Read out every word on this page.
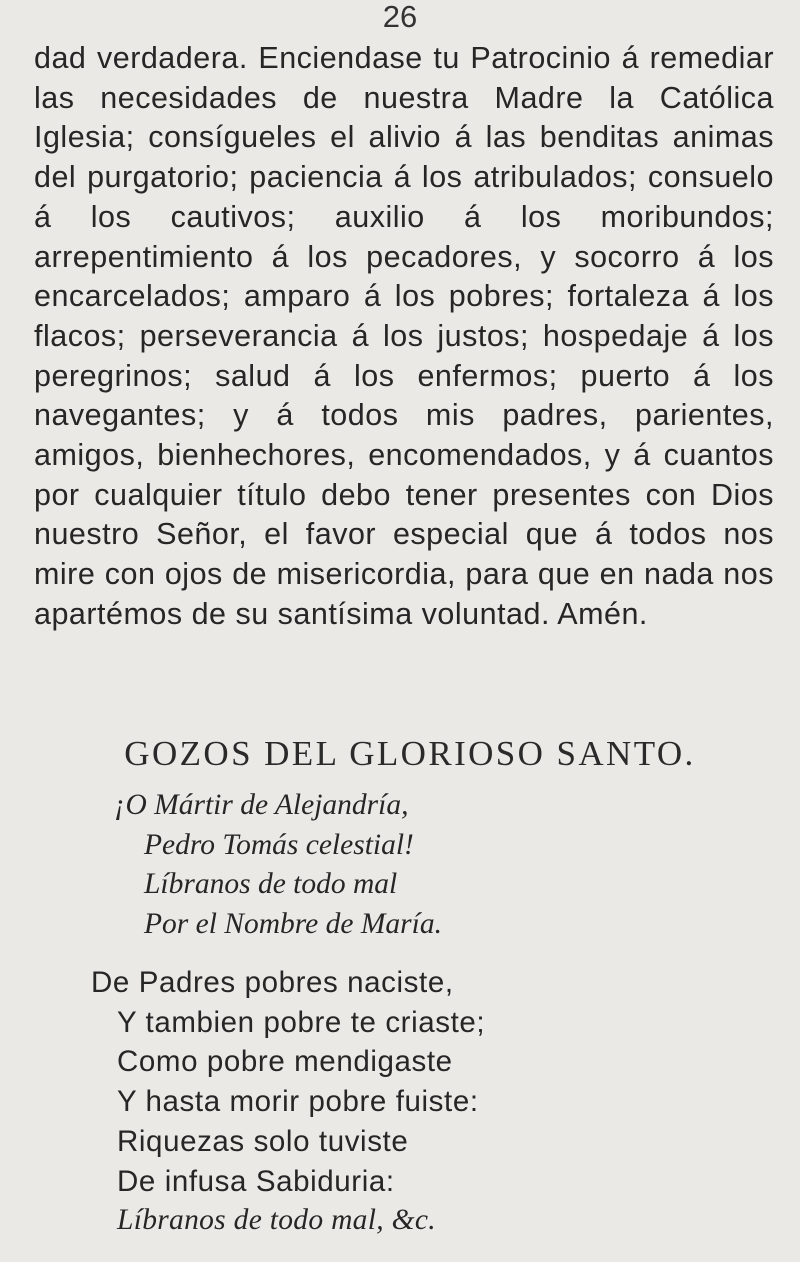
26

dad verdadera. Enciendase tu Patrocinio á remediar las necesidades de nuestra Madre la Católica Iglesia; consígueles el alivio á las benditas animas del purgatorio; paciencia á los atribulados; consuelo á los cautivos; auxilio á los moribundos; arrepentimiento á los pecadores, y socorro á los encarcelados; amparo á los pobres; fortaleza á los flacos; perseverancia á los justos; hospedaje á los peregrinos; salud á los enfermos; puerto á los navegantes; y á todos mis padres, parientes, amigos, bienhechores, encomendados, y á cuantos por cualquier título debo tener presentes con Dios nuestro Señor, el favor especial que á todos nos mire con ojos de misericordia, para que en nada nos apartémos de su santísima voluntad. Amén.

GOZOS DEL GLORIOSO SANTO.
¡O Mártir de Alejandría,
Pedro Tomás celestial!
Líbranos de todo mal
Por el Nombre de María.
De Padres pobres naciste,
Y tambien pobre te criaste;
Como pobre mendigaste
Y hasta morir pobre fuiste:
Riquezas solo tuviste
De infusa Sabiduria:
Líbranos de todo mal, &c.
